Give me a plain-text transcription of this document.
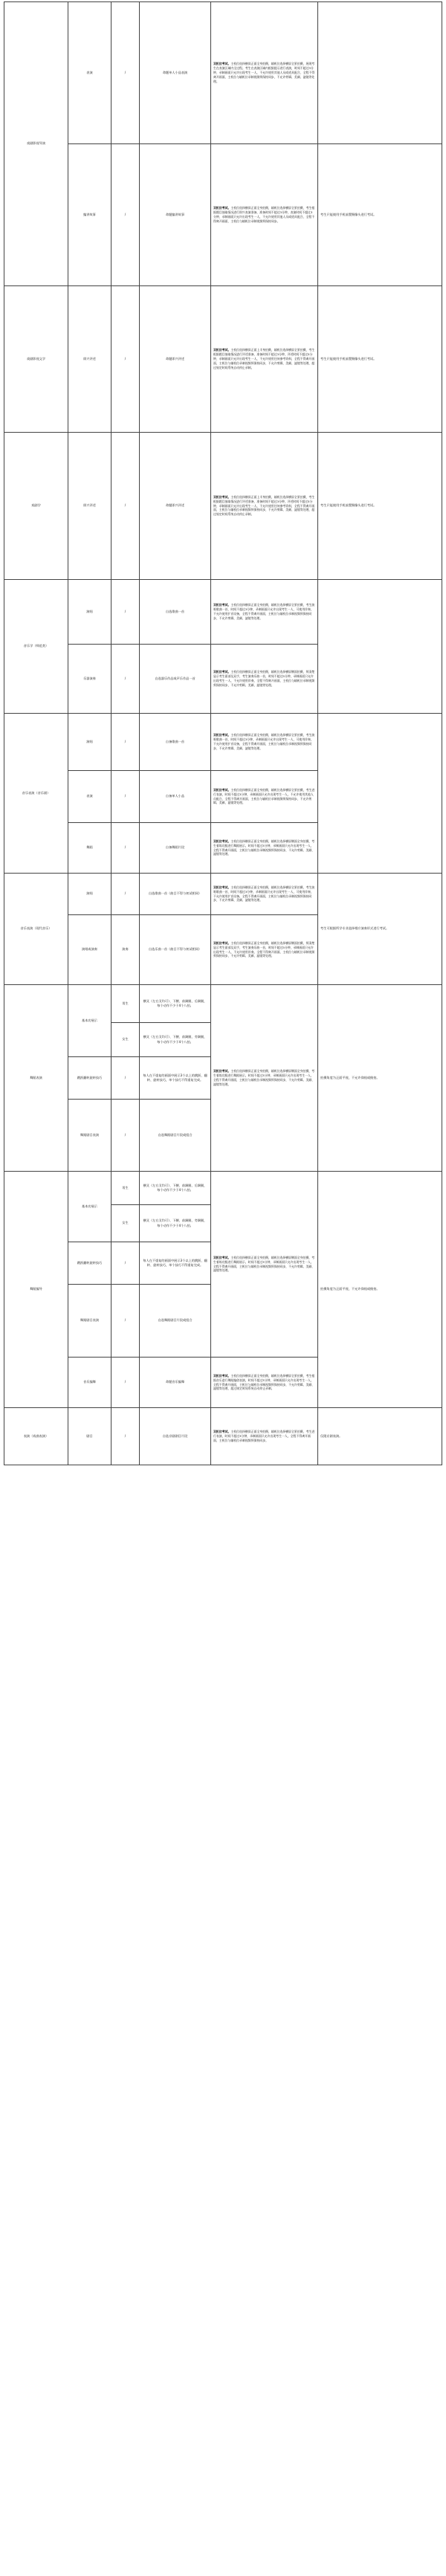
戏剧影视导演	表演	/	命题单人小品表演	双机位考试。主机位选择横屏正面全身拍摄，辅机位选择横屏全景拍摄，展现考生在表演区域内全过程。考生在表演区域内根据提示进行表演，时间不超过3分钟，录制画面只允许出现考生一人，不允许使用其他人员或道具配合，全程不得离开画面，主机位与辅机位录制视频须保持同步，不允许剪辑、美颜、滤镜等处理。	
	编讲故事	/	命题编讲故事	双机位考试。主机位选择横屏正面全身拍摄，辅机位选择横屏全景拍摄，考生根据题目抽取情况进行即兴表演准备，准备时间不超过3分钟，表演时间不超过3分钟，录制画面只允许出现考生一人，不允许使用其他人员或道具配合，全程不得离开画面，主机位与辅机位录制视频须保持同步。	考生只能使用手机前置摄像头进行考试。
戏剧影视文学	即兴评述	/	命题即兴评述	双机位考试。主机位选择横屏正面上半身拍摄，辅机位选择横屏全景拍摄，考生根据题目抽取情况进行评述准备，准备时间不超过3分钟，评述时间不超过5分钟，录制画面只允许出现考生一人，不允许使用任何参考资料，全程不得离开画面，主机位与辅机位录制视频须保持同步，不允许剪辑、美颜、滤镜等处理，超过规定时间系统自动停止录制。	考生只能使用手机前置摄像头进行考试。
戏剧学	即兴评述	/	命题即兴评述	双机位考试。主机位选择横屏正面上半身拍摄，辅机位选择横屏全景拍摄，考生根据题目抽取情况进行评述准备，准备时间不超过3分钟，评述时间不超过5分钟，录制画面只允许出现考生一人，不允许使用任何参考资料，全程不得离开画面，主机位与辅机位录制视频须保持同步，不允许剪辑、美颜、滤镜等处理，超过规定时间系统自动停止录制。	考生只能使用手机前置摄像头进行考试。
音乐学（师范类）	演唱	/	自选歌曲一首	双机位考试。主机位选择横屏正面全身拍摄，辅机位选择横屏全景拍摄，考生演唱歌曲一首，时间不超过3分钟，录制画面只允许出现考生一人，可使用伴奏，不允许使用扩音设备，全程不得离开画面，主机位与辅机位录制视频须保持同步，不允许剪辑、美颜、滤镜等处理。	
	乐器演奏	/	自选器乐作品或声乐作品一首	双机位考试。主机位选择横屏正面全身拍摄，辅机位选择横屏侧面拍摄，须清楚显示考生面部及双手，考生演奏乐曲一首，时间不超过5分钟，录制画面只允许出现考生一人，不允许使用伴奏，全程不得离开画面，主机位与辅机位录制视频须保持同步，不允许剪辑、美颜、滤镜等处理。	
音乐表演（音乐剧）	演唱	/	自备歌曲一首	双机位考试。主机位选择横屏正面全身拍摄，辅机位选择横屏全景拍摄，考生演唱歌曲一首，时间不超过3分钟，录制画面只允许出现考生一人，可使用伴奏，不允许使用扩音设备，全程不得离开画面，主机位与辅机位录制视频须保持同步，不允许剪辑、美颜、滤镜等处理。	
	表演	/	自备单人小品	双机位考试。主机位选择横屏正面全身拍摄，辅机位选择横屏全景拍摄，考生进行表演，时间不超过3分钟，录制画面只允许出现考生一人，不允许使用其他人员配合，全程不得离开画面，主机位与辅机位录制视频须保持同步，不允许剪辑、美颜、滤镜等处理。	
	舞蹈	/	自备舞蹈片段	双机位考试。主机位选择横屏正面全身拍摄，辅机位选择横屏侧面全身拍摄，考生着练功服进行舞蹈展示，时间不超过3分钟，录制画面只允许出现考生一人，全程不得离开画面，主机位与辅机位录制视频须保持同步，不允许剪辑、美颜、滤镜等处理。	
音乐表演（现代音乐）	演唱	/	自选歌曲一首（曲目不得与初试相同）	双机位考试。主机位选择横屏正面全身拍摄，辅机位选择横屏全景拍摄，考生演唱歌曲一首，时间不超过3分钟，录制画面只允许出现考生一人，可使用伴奏，不允许使用扩音设备，全程不得离开画面，主机位与辅机位录制视频须保持同步，不允许剪辑、美颜、滤镜等处理。	考生可根据所学专业选择相应演奏形式进行考试。
	演唱或演奏	演奏	自选乐曲一首（曲目不得与初试相同）	双机位考试。主机位选择横屏正面全身拍摄，辅机位选择横屏侧面拍摄，须清楚显示考生面部及双手，考生演奏乐曲一首，时间不超过5分钟，录制画面只允许出现考生一人，不允许使用伴奏，全程不得离开画面，主机位与辅机位录制视频须保持同步，不允许剪辑、美颜、滤镜等处理。	
舞蹈表演	基本功展示	男生	横叉（左右叉均可）、下腰、前踢腿、后踢腿，每个动作不少于4个八拍。	双机位考试。主机位选择横屏正面全身拍摄，辅机位选择横屏侧面全身拍摄，考生着练功服进行舞蹈展示，时间不超过3分钟，录制画面只允许出现考生一人，全程不得离开画面，主机位与辅机位录制视频须保持同步，不允许剪辑、美颜、滤镜等处理。	拍摄角度为正面平视，不允许仰视或俯拍。
		女生	横叉（左右叉均可）、下腰、前踢腿、旁踢腿，每个动作不少于4个八拍。		
	跳跃翻转旋转技巧	/	每人在不重复的画面中展示3个以上的跳跃、翻转、旋转技巧，单个技巧不得重复完成。		
	舞蹈剧目表演	/	自选舞蹈剧目片段或组合		
舞蹈编导	基本功展示	男生	横叉（左右叉均可）、下腰、前踢腿、后踢腿，每个动作不少于4个八拍。	双机位考试。主机位选择横屏正面全身拍摄，辅机位选择横屏侧面全身拍摄，考生着练功服进行舞蹈展示，时间不超过3分钟，录制画面只允许出现考生一人，全程不得离开画面，主机位与辅机位录制视频须保持同步，不允许剪辑、美颜、滤镜等处理。	拍摄角度为正面平视，不允许仰视或俯拍。
		女生	横叉（左右叉均可）、下腰、前踢腿、旁踢腿，每个动作不少于4个八拍。		
	跳跃翻转旋转技巧	/	每人在不重复的画面中展示3个以上的跳跃、翻转、旋转技巧，单个技巧不得重复完成。		
	舞蹈剧目表演	/	自选舞蹈剧目片段或组合		
	音乐编舞	/	命题音乐编舞	双机位考试。主机位选择横屏正面全身拍摄，辅机位选择横屏全景拍摄，考生根据音乐进行舞蹈编创表演，时间不超过3分钟，录制画面只允许出现考生一人，全程不得离开画面，主机位与辅机位录制视频须保持同步，不允许剪辑、美颜、滤镜等处理，超过规定时间系统自动停止录制。	
表演（戏曲表演）	剧目	/	自选京剧剧目片段	双机位考试。主机位选择横屏正面全身拍摄，辅机位选择横屏全景拍摄，考生进行表演，时间不超过3分钟，录制画面只允许出现考生一人，全程不得离开画面，主机位与辅机位录制视频须保持同步。	仅限京剧表演。
